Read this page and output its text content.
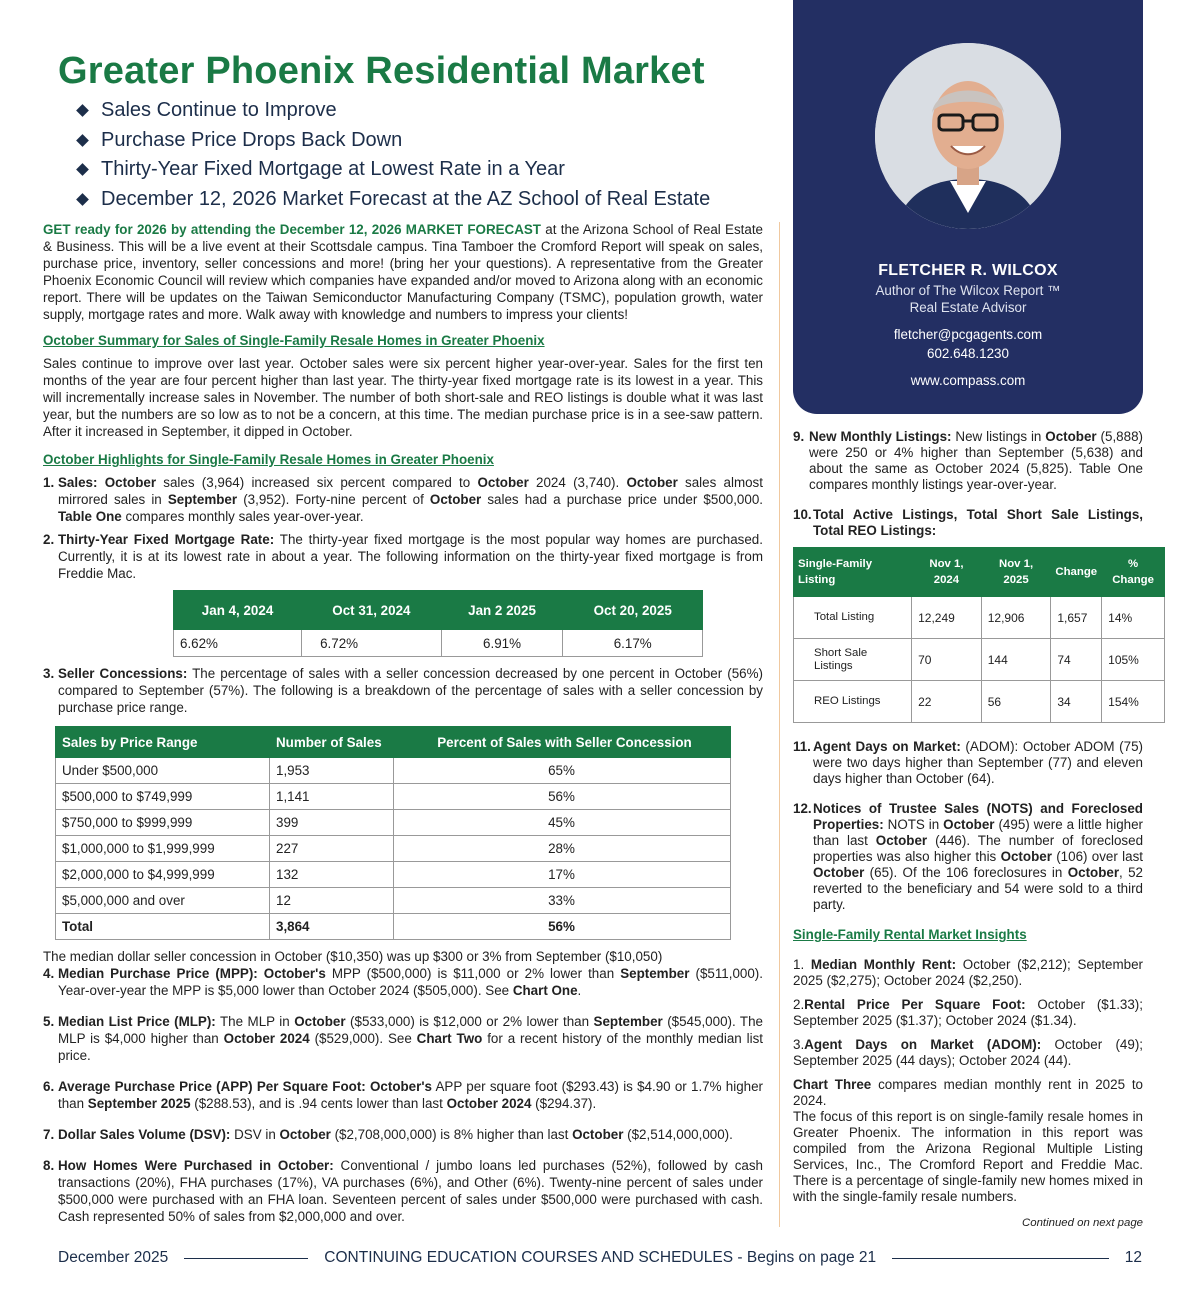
Greater Phoenix Residential Market
Sales Continue to Improve
Purchase Price Drops Back Down
Thirty-Year Fixed Mortgage at Lowest Rate in a Year
December 12, 2026 Market Forecast at the AZ School of Real Estate

GET ready for 2026 by attending the December 12, 2026 MARKET FORECAST at the Arizona School of Real Estate & Business. This will be a live event at their Scottsdale campus. Tina Tamboer the Cromford Report will speak on sales, purchase price, inventory, seller concessions and more! (bring her your questions). A representative from the Greater Phoenix Economic Council will review which companies have expanded and/or moved to Arizona along with an economic report. There will be updates on the Taiwan Semiconductor Manufacturing Company (TSMC), population growth, water supply, mortgage rates and more. Walk away with knowledge and numbers to impress your clients!

October Summary for Sales of Single-Family Resale Homes in Greater Phoenix

Sales continue to improve over last year. October sales were six percent higher year-over-year. Sales for the first ten months of the year are four percent higher than last year. The thirty-year fixed mortgage rate is its lowest in a year. This will incrementally increase sales in November. The number of both short-sale and REO listings is double what it was last year, but the numbers are so low as to not be a concern, at this time. The median purchase price is in a see-saw pattern. After it increased in September, it dipped in October.

October Highlights for Single-Family Resale Homes in Greater Phoenix
1. Sales: October sales (3,964) increased six percent compared to October 2024 (3,740). October sales almost mirrored sales in September (3,952). Forty-nine percent of October sales had a purchase price under $500,000. Table One compares monthly sales year-over-year.
2. Thirty-Year Fixed Mortgage Rate: The thirty-year fixed mortgage is the most popular way homes are purchased. Currently, it is at its lowest rate in about a year. The following information on the thirty-year fixed mortgage is from Freddie Mac.
Jan 4, 2024	Oct 31, 2024	Jan 2 2025	Oct 20, 2025
6.62%	6.72%	6.91%	6.17%
3. Seller Concessions: The percentage of sales with a seller concession decreased by one percent in October (56%) compared to September (57%). The following is a breakdown of the percentage of sales with a seller concession by purchase price range.
Sales by Price Range	Number of Sales	Percent of Sales with Seller Concession
Under $500,000	1,953	65%
$500,000 to $749,999	1,141	56%
$750,000 to $999,999	399	45%
$1,000,000 to $1,999,999	227	28%
$2,000,000 to $4,999,999	132	17%
$5,000,000 and over	12	33%
Total	3,864	56%

The median dollar seller concession in October ($10,350) was up $300 or 3% from September ($10,050)

4. Median Purchase Price (MPP): October's MPP ($500,000) is $11,000 or 2% lower than September ($511,000). Year-over-year the MPP is $5,000 lower than October 2024 ($505,000). See Chart One.
5. Median List Price (MLP): The MLP in October ($533,000) is $12,000 or 2% lower than September ($545,000). The MLP is $4,000 higher than October 2024 ($529,000). See Chart Two for a recent history of the monthly median list price.
6. Average Purchase Price (APP) Per Square Foot: October's APP per square foot ($293.43) is $4.90 or 1.7% higher than September 2025 ($288.53), and is .94 cents lower than last October 2024 ($294.37).
7. Dollar Sales Volume (DSV): DSV in October ($2,708,000,000) is 8% higher than last October ($2,514,000,000).
8. How Homes Were Purchased in October: Conventional / jumbo loans led purchases (52%), followed by cash transactions (20%), FHA purchases (17%), VA purchases (6%), and Other (6%). Twenty-nine percent of sales under $500,000 were purchased with an FHA loan. Seventeen percent of sales under $500,000 were purchased with cash. Cash represented 50% of sales from $2,000,000 and over.
FLETCHER R. WILCOX
Author of The Wilcox Report ™
Real Estate Advisor
fletcher@pcgagents.com
602.648.1230
www.compass.com
9. New Monthly Listings: New listings in October (5,888) were 250 or 4% higher than September (5,638) and about the same as October 2024 (5,825). Table One compares monthly listings year-over-year.
10. Total Active Listings, Total Short Sale Listings, Total REO Listings:
Single-Family Listing	Nov 1, 2024	Nov 1, 2025	Change	% Change
Total Listing	12,249	12,906	1,657	14%
Short Sale Listings	70	144	74	105%
REO Listings	22	56	34	154%
11. Agent Days on Market: (ADOM): October ADOM (75) were two days higher than September (77) and eleven days higher than October (64).
12. Notices of Trustee Sales (NOTS) and Foreclosed Properties: NOTS in October (495) were a little higher than last October (446). The number of foreclosed properties was also higher this October (106) over last October (65). Of the 106 foreclosures in October, 52 reverted to the beneficiary and 54 were sold to a third party.
Single-Family Rental Market Insights

1. Median Monthly Rent: October ($2,212); September 2025 ($2,275); October 2024 ($2,250).

2.Rental Price Per Square Foot: October ($1.33); September 2025 ($1.37); October 2024 ($1.34).

3.Agent Days on Market (ADOM): October (49); September 2025 (44 days); October 2024 (44).

Chart Three compares median monthly rent in 2025 to 2024.

The focus of this report is on single-family resale homes in Greater Phoenix. The information in this report was compiled from the Arizona Regional Multiple Listing Services, Inc., The Cromford Report and Freddie Mac. There is a percentage of single-family new homes mixed in with the single-family resale numbers.

Continued on next page
December 2025	CONTINUING EDUCATION COURSES AND SCHEDULES - Begins on page 21	12
